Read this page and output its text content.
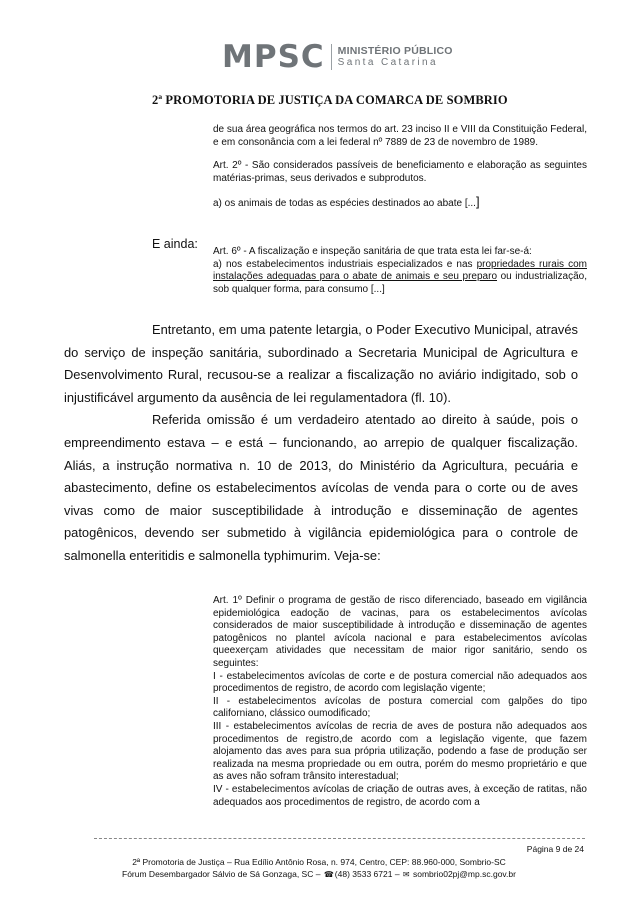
MPSC MINISTÉRIO PÚBLICO
Santa Catarina
2ª PROMOTORIA DE JUSTIÇA DA COMARCA DE SOMBRIO

de sua área geográfica nos termos do art. 23 inciso II e VIII da Constituição Federal, e em consonância com a lei federal nº 7889 de 23 de novembro de 1989.

Art. 2º - São considerados passíveis de beneficiamento e elaboração as seguintes matérias-primas, seus derivados e subprodutos.

a) os animais de todas as espécies destinados ao abate [...]

E ainda:

Art. 6º - A fiscalização e inspeção sanitária de que trata esta lei far-se-á:

a) nos estabelecimentos industriais especializados e nas propriedades rurais com instalações adequadas para o abate de animais e seu preparo ou industrialização, sob qualquer forma, para consumo [...]

Entretanto, em uma patente letargia, o Poder Executivo Municipal, através do serviço de inspeção sanitária, subordinado a Secretaria Municipal de Agricultura e Desenvolvimento Rural, recusou-se a realizar a fiscalização no aviário indigitado, sob o injustificável argumento da ausência de lei regulamentadora (fl. 10).

Referida omissão é um verdadeiro atentado ao direito à saúde, pois o empreendimento estava – e está – funcionando, ao arrepio de qualquer fiscalização. Aliás, a instrução normativa n. 10 de 2013, do Ministério da Agricultura, pecuária e abastecimento, define os estabelecimentos avícolas de venda para o corte ou de aves vivas como de maior susceptibilidade à introdução e disseminação de agentes patogênicos, devendo ser submetido à vigilância epidemiológica para o controle de salmonella enteritidis e salmonella typhimurim. Veja-se:

Art. 1º Definir o programa de gestão de risco diferenciado, baseado em vigilância epidemiológica eadoção de vacinas, para os estabelecimentos avícolas considerados de maior susceptibilidade à introdução e disseminação de agentes patogênicos no plantel avícola nacional e para estabelecimentos avícolas queexerçam atividades que necessitam de maior rigor sanitário, sendo os seguintes:

I - estabelecimentos avícolas de corte e de postura comercial não adequados aos procedimentos de registro, de acordo com legislação vigente;

II - estabelecimentos avícolas de postura comercial com galpões do tipo californiano, clássico oumodificado;

III - estabelecimentos avícolas de recria de aves de postura não adequados aos procedimentos de registro,de acordo com a legislação vigente, que fazem alojamento das aves para sua própria utilização, podendo a fase de produção ser realizada na mesma propriedade ou em outra, porém do mesmo proprietário e que as aves não sofram trânsito interestadual;

IV - estabelecimentos avícolas de criação de outras aves, à exceção de ratitas, não adequados aos procedimentos de registro, de acordo com a

Página 9 de 24
2ª Promotoria de Justiça – Rua Edílio Antônio Rosa, n. 974, Centro, CEP: 88.960-000, Sombrio-SC
Fórum Desembargador Sálvio de Sá Gonzaga, SC – ☎(48) 3533 6721 – ✉ sombrio02pj@mp.sc.gov.br
